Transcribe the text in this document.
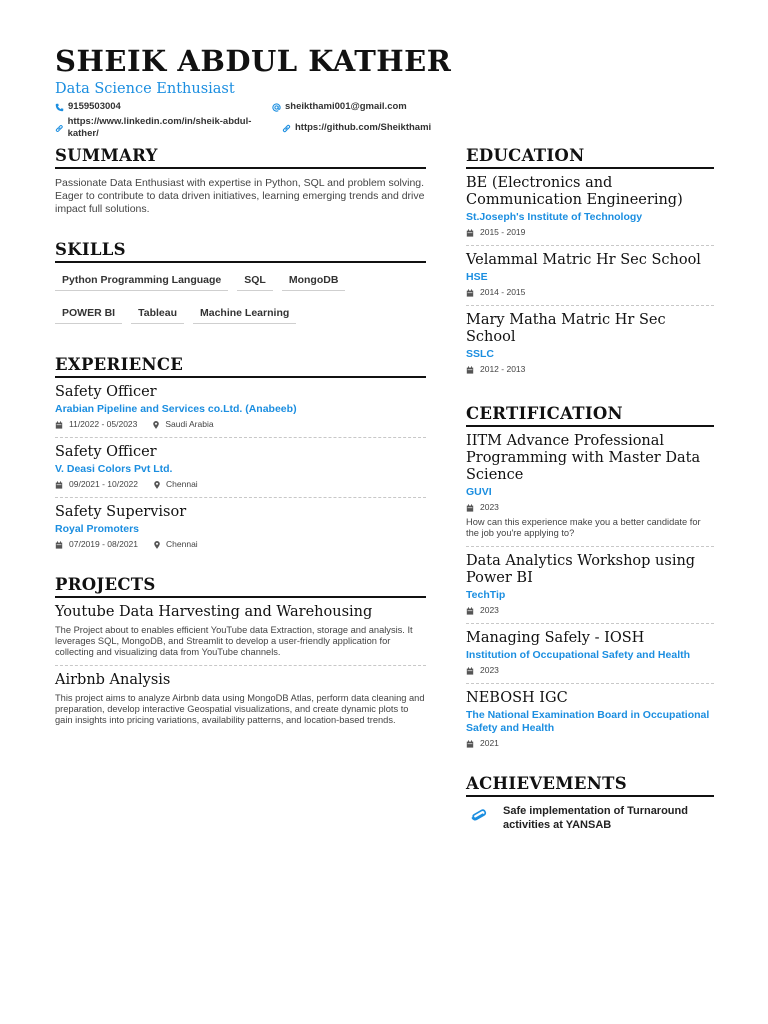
SHEIK ABDUL KATHER
Data Science Enthusiast
9159503004	sheikthami001@gmail.com
https://www.linkedin.com/in/sheik-abdul-kather/
https://github.com/Sheikthami
SUMMARY
Passionate Data Enthusiast with expertise in Python, SQL and problem solving. Eager to contribute to data driven initiatives, learning emerging trends and drive impact full solutions.
SKILLS
Python Programming Language	SQL	MongoDB
POWER BI	Tableau	Machine Learning
EXPERIENCE
Safety Officer
Arabian Pipeline and Services co.Ltd. (Anabeeb)
11/2022 - 05/2023	Saudi Arabia
Safety Officer
V. Deasi Colors Pvt Ltd.
09/2021 - 10/2022	Chennai
Safety Supervisor
Royal Promoters
07/2019 - 08/2021	Chennai
PROJECTS
Youtube Data Harvesting and Warehousing
The Project about to enables efficient YouTube data Extraction, storage and analysis. It leverages SQL, MongoDB, and Streamlit to develop a user-friendly application for collecting and visualizing data from YouTube channels.
Airbnb Analysis
This project aims to analyze Airbnb data using MongoDB Atlas, perform data cleaning and preparation, develop interactive Geospatial visualizations, and create dynamic plots to gain insights into pricing variations, availability patterns, and location-based trends.
EDUCATION
BE (Electronics and Communication Engineering)
St.Joseph's Institute of Technology
2015 - 2019
Velammal Matric Hr Sec School
HSE
2014 - 2015
Mary Matha Matric Hr Sec School
SSLC
2012 - 2013
CERTIFICATION
IITM Advance Professional Programming with Master Data Science
GUVI
2023
How can this experience make you a better candidate for the job you're applying to?
Data Analytics Workshop using Power BI
TechTip
2023
Managing Safely - IOSH
Institution of Occupational Safety and Health
2023
NEBOSH IGC
The National Examination Board in Occupational Safety and Health
2021
ACHIEVEMENTS
Safe implementation of Turnaround activities at YANSAB
